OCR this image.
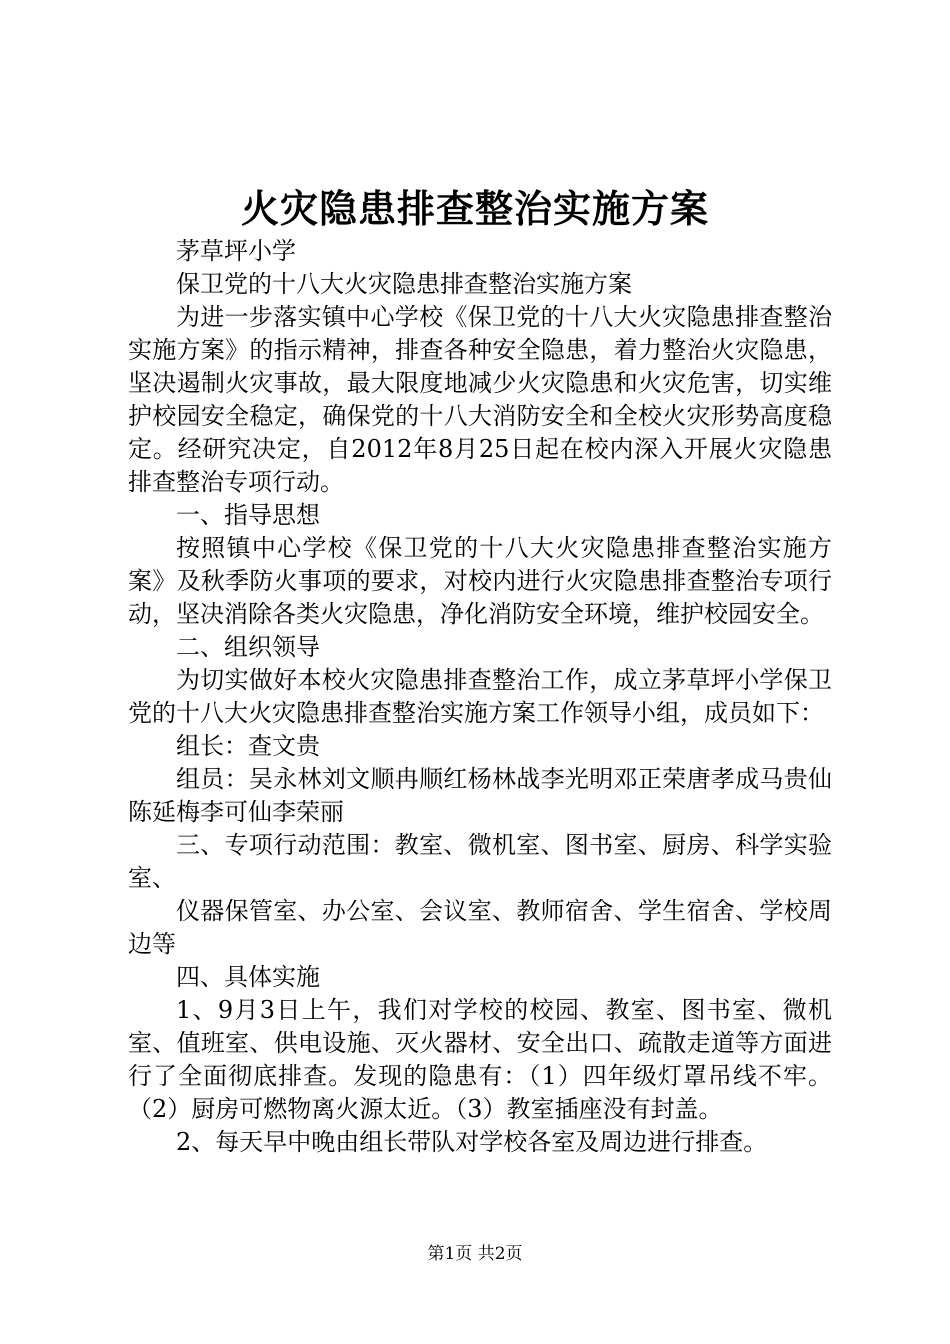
火灾隐患排查整治实施方案

茅草坪小学

保卫党的十八大火灾隐患排查整治实施方案

为进一步落实镇中心学校《保卫党的十八大火灾隐患排查整治实施方案》的指示精神，排查各种安全隐患，着力整治火灾隐患，坚决遏制火灾事故，最大限度地减少火灾隐患和火灾危害，切实维护校园安全稳定，确保党的十八大消防安全和全校火灾形势高度稳定。经研究决定，自2012年8月25日起在校内深入开展火灾隐患排查整治专项行动。

一、指导思想

按照镇中心学校《保卫党的十八大火灾隐患排查整治实施方案》及秋季防火事项的要求，对校内进行火灾隐患排查整治专项行动，坚决消除各类火灾隐患，净化消防安全环境，维护校园安全。

二、组织领导

为切实做好本校火灾隐患排查整治工作，成立茅草坪小学保卫党的十八大火灾隐患排查整治实施方案工作领导小组，成员如下：

组长：查文贵

组员：吴永林刘文顺冉顺红杨林战李光明邓正荣唐孝成马贵仙陈延梅李可仙李荣丽

三、专项行动范围：教室、微机室、图书室、厨房、科学实验室、

仪器保管室、办公室、会议室、教师宿舍、学生宿舍、学校周边等

四、具体实施

1、9月3日上午，我们对学校的校园、教室、图书室、微机室、值班室、供电设施、灭火器材、安全出口、疏散走道等方面进行了全面彻底排查。发现的隐患有：（1）四年级灯罩吊线不牢。（2）厨房可燃物离火源太近。（3）教室插座没有封盖。

2、每天早中晚由组长带队对学校各室及周边进行排查。

第1页 共2页
